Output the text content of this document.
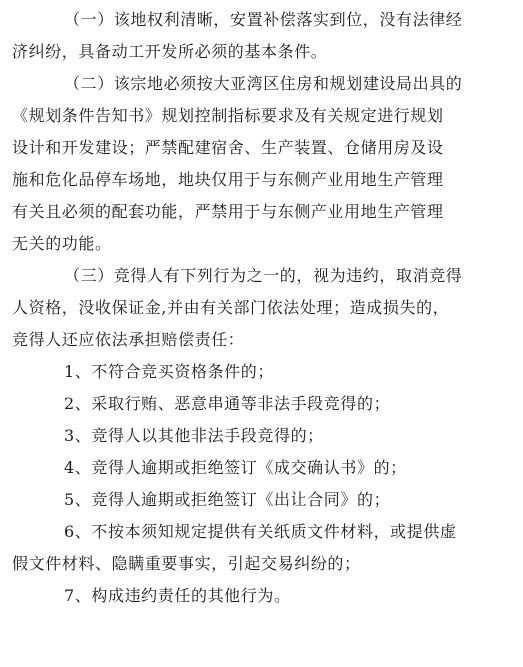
（一）该地权利清晰，安置补偿落实到位，没有法律经
济纠纷，具备动工开发所必须的基本条件。
（二）该宗地必须按大亚湾区住房和规划建设局出具的
《规划条件告知书》规划控制指标要求及有关规定进行规划
设计和开发建设；严禁配建宿舍、生产装置、仓储用房及设
施和危化品停车场地，地块仅用于与东侧产业用地生产管理
有关且必须的配套功能，严禁用于与东侧产业用地生产管理
无关的功能。
（三）竞得人有下列行为之一的，视为违约，取消竞得
人资格，没收保证金,并由有关部门依法处理；造成损失的，
竞得人还应依法承担赔偿责任：
1、不符合竞买资格条件的；
2、采取行贿、恶意串通等非法手段竞得的；
3、竞得人以其他非法手段竞得的；
4、竞得人逾期或拒绝签订《成交确认书》的；
5、竞得人逾期或拒绝签订《出让合同》的；
6、不按本须知规定提供有关纸质文件材料，或提供虚
假文件材料、隐瞒重要事实，引起交易纠纷的；
7、构成违约责任的其他行为。
